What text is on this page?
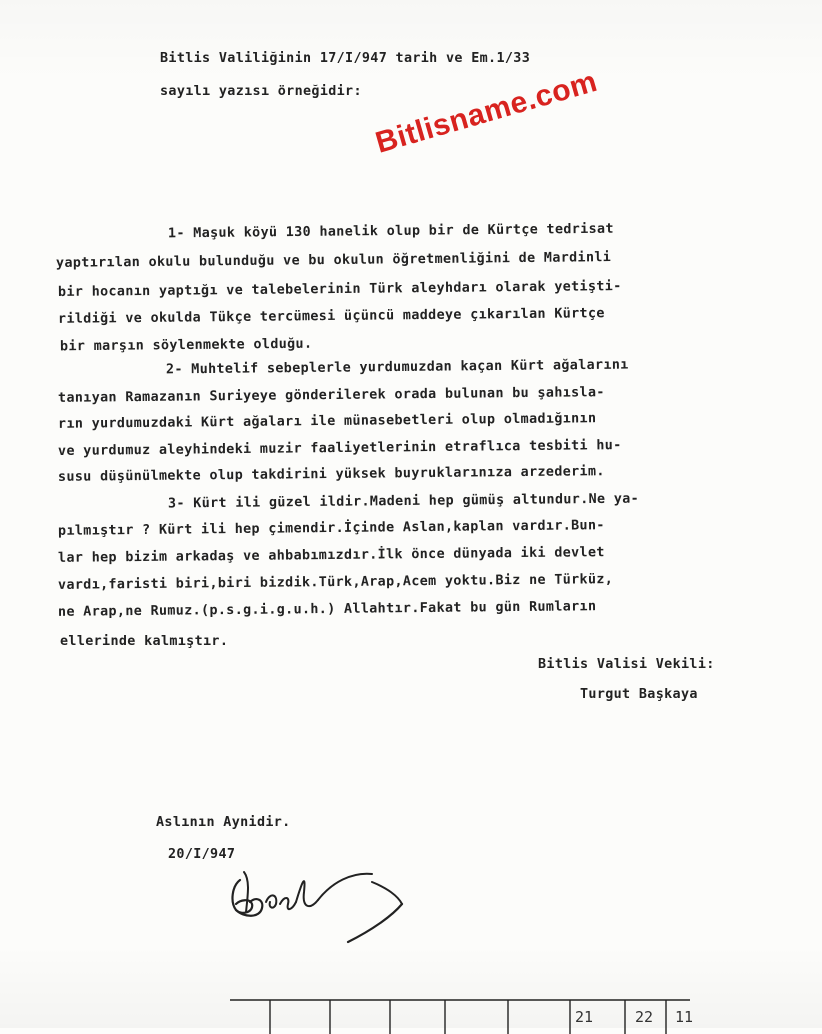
Bitlis Valiliğinin 17/I/947 tarih ve Em.1/33
sayılı yazısı örneğidir: Bitlisname.com
1- Maşuk köyü 130 hanelik olup bir de Kürtçe tedrisat
yaptırılan okulu bulunduğu ve bu okulun öğretmenliğini de Mardinli
bir hocanın yaptığı ve talebelerinin Türk aleyhdarı olarak yetişti-
rildiği ve okulda Tükçe tercümesi üçüncü maddeye çıkarılan Kürtçe
bir marşın söylenmekte olduğu.
2- Muhtelif sebeplerle yurdumuzdan kaçan Kürt ağalarını
tanıyan Ramazanın Suriyeye gönderilerek orada bulunan bu şahısla-
rın yurdumuzdaki Kürt ağaları ile münasebetleri olup olmadığının
ve yurdumuz aleyhindeki muzir faaliyetlerinin etraflıca tesbiti hu-
susu düşünülmekte olup takdirini yüksek buyruklarınıza arzederim.
3- Kürt ili güzel ildir.Madeni hep gümüş altundur.Ne ya-
pılmıştır ? Kürt ili hep çimendir.İçinde Aslan,kaplan vardır.Bun-
lar hep bizim arkadaş ve ahbabımızdır.İlk önce dünyada iki devlet
vardı,faristi biri,biri bizdik.Türk,Arap,Acem yoktu.Biz ne Türküz,
ne Arap,ne Rumuz.(p.s.g.i.g.u.h.) Allahtır.Fakat bu gün Rumların
ellerinde kalmıştır.
Bitlis Valisi Vekili:
Turgut Başkaya
Aslının Aynidir.
20/I/947
21	22 11
